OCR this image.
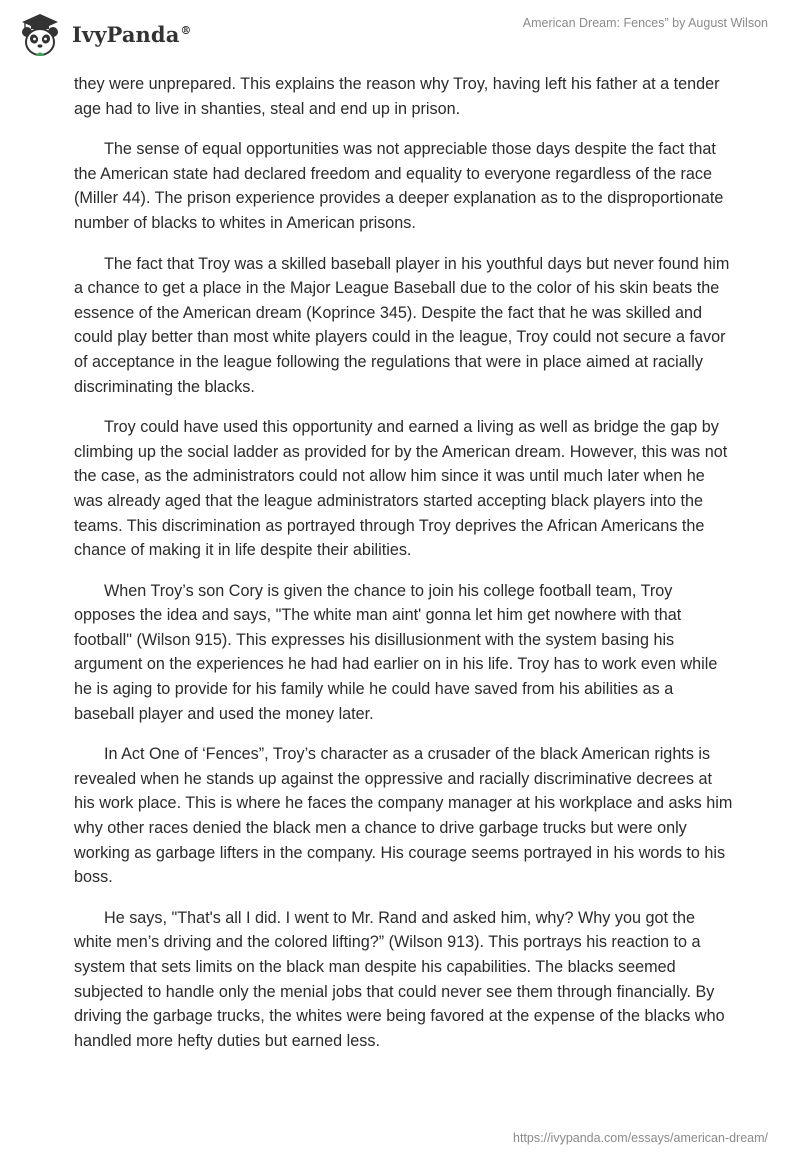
IvyPanda®	American Dream: Fences” by August Wilson

they were unprepared. This explains the reason why Troy, having left his father at a tender age had to live in shanties, steal and end up in prison.

The sense of equal opportunities was not appreciable those days despite the fact that the American state had declared freedom and equality to everyone regardless of the race (Miller 44). The prison experience provides a deeper explanation as to the disproportionate number of blacks to whites in American prisons.

The fact that Troy was a skilled baseball player in his youthful days but never found him a chance to get a place in the Major League Baseball due to the color of his skin beats the essence of the American dream (Koprince 345). Despite the fact that he was skilled and could play better than most white players could in the league, Troy could not secure a favor of acceptance in the league following the regulations that were in place aimed at racially discriminating the blacks.

Troy could have used this opportunity and earned a living as well as bridge the gap by climbing up the social ladder as provided for by the American dream. However, this was not the case, as the administrators could not allow him since it was until much later when he was already aged that the league administrators started accepting black players into the teams. This discrimination as portrayed through Troy deprives the African Americans the chance of making it in life despite their abilities.

When Troy’s son Cory is given the chance to join his college football team, Troy opposes the idea and says, "The white man aint' gonna let him get nowhere with that football" (Wilson 915). This expresses his disillusionment with the system basing his argument on the experiences he had had earlier on in his life. Troy has to work even while he is aging to provide for his family while he could have saved from his abilities as a baseball player and used the money later.

In Act One of ‘Fences”, Troy’s character as a crusader of the black American rights is revealed when he stands up against the oppressive and racially discriminative decrees at his work place. This is where he faces the company manager at his workplace and asks him why other races denied the black men a chance to drive garbage trucks but were only working as garbage lifters in the company. His courage seems portrayed in his words to his boss.

He says, "That's all I did. I went to Mr. Rand and asked him, why? Why you got the white men’s driving and the colored lifting?” (Wilson 913). This portrays his reaction to a system that sets limits on the black man despite his capabilities. The blacks seemed subjected to handle only the menial jobs that could never see them through financially. By driving the garbage trucks, the whites were being favored at the expense of the blacks who handled more hefty duties but earned less.

https://ivypanda.com/essays/american-dream/
